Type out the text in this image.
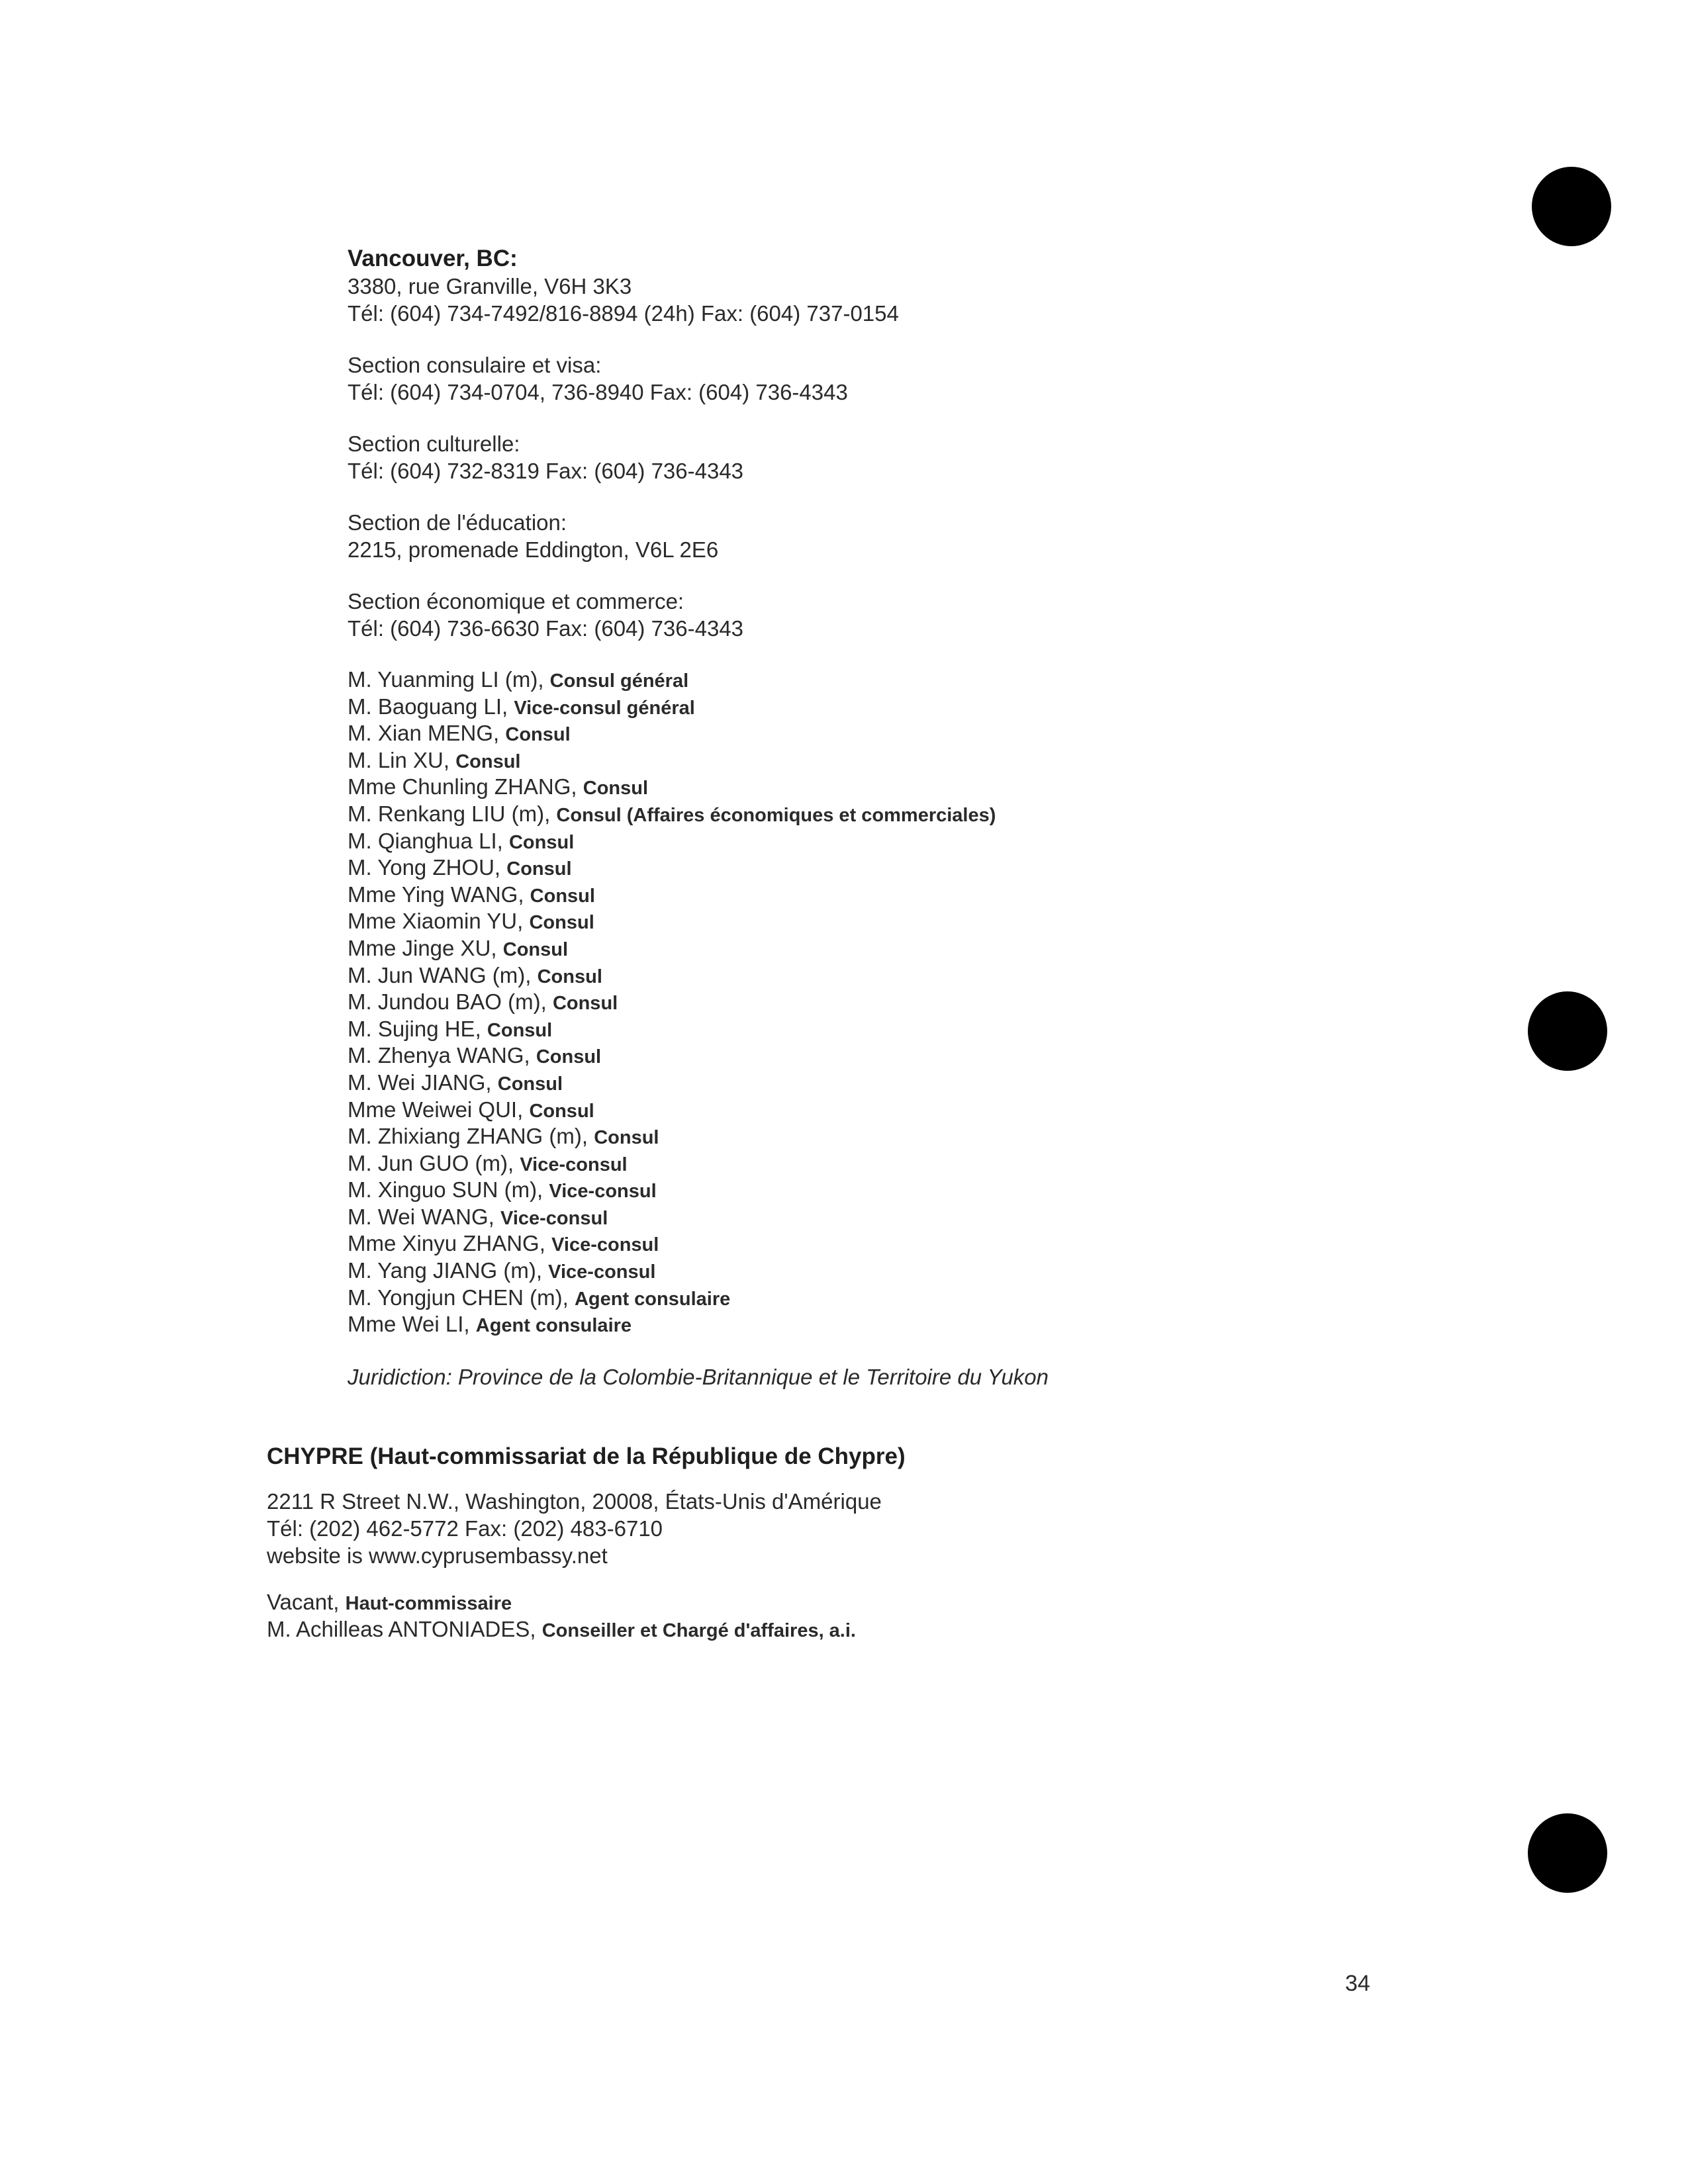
Vancouver, BC:
3380, rue Granville, V6H 3K3
Tél: (604) 734-7492/816-8894 (24h) Fax: (604) 737-0154
Section consulaire et visa:
Tél: (604) 734-0704, 736-8940 Fax: (604) 736-4343
Section culturelle:
Tél: (604) 732-8319 Fax: (604) 736-4343
Section de l'éducation:
2215, promenade Eddington, V6L 2E6
Section économique et commerce:
Tél: (604) 736-6630 Fax: (604) 736-4343
M. Yuanming LI (m), Consul général
M. Baoguang LI, Vice-consul général
M. Xian MENG, Consul
M. Lin XU, Consul
Mme Chunling ZHANG, Consul
M. Renkang LIU (m), Consul (Affaires économiques et commerciales)
M. Qianghua LI, Consul
M. Yong ZHOU, Consul
Mme Ying WANG, Consul
Mme Xiaomin YU, Consul
Mme Jinge XU, Consul
M. Jun WANG (m), Consul
M. Jundou BAO (m), Consul
M. Sujing HE, Consul
M. Zhenya WANG, Consul
M. Wei JIANG, Consul
Mme Weiwei QUI, Consul
M. Zhixiang ZHANG (m), Consul
M. Jun GUO (m), Vice-consul
M. Xinguo SUN (m), Vice-consul
M. Wei WANG, Vice-consul
Mme Xinyu ZHANG, Vice-consul
M. Yang JIANG (m), Vice-consul
M. Yongjun CHEN (m), Agent consulaire
Mme Wei LI, Agent consulaire
Juridiction: Province de la Colombie-Britannique et le Territoire du Yukon
CHYPRE (Haut-commissariat de la République de Chypre)
2211 R Street N.W., Washington, 20008, États-Unis d'Amérique
Tél: (202) 462-5772 Fax: (202) 483-6710
website is www.cyprusembassy.net
Vacant, Haut-commissaire
M. Achilleas ANTONIADES, Conseiller et Chargé d'affaires, a.i.
34
